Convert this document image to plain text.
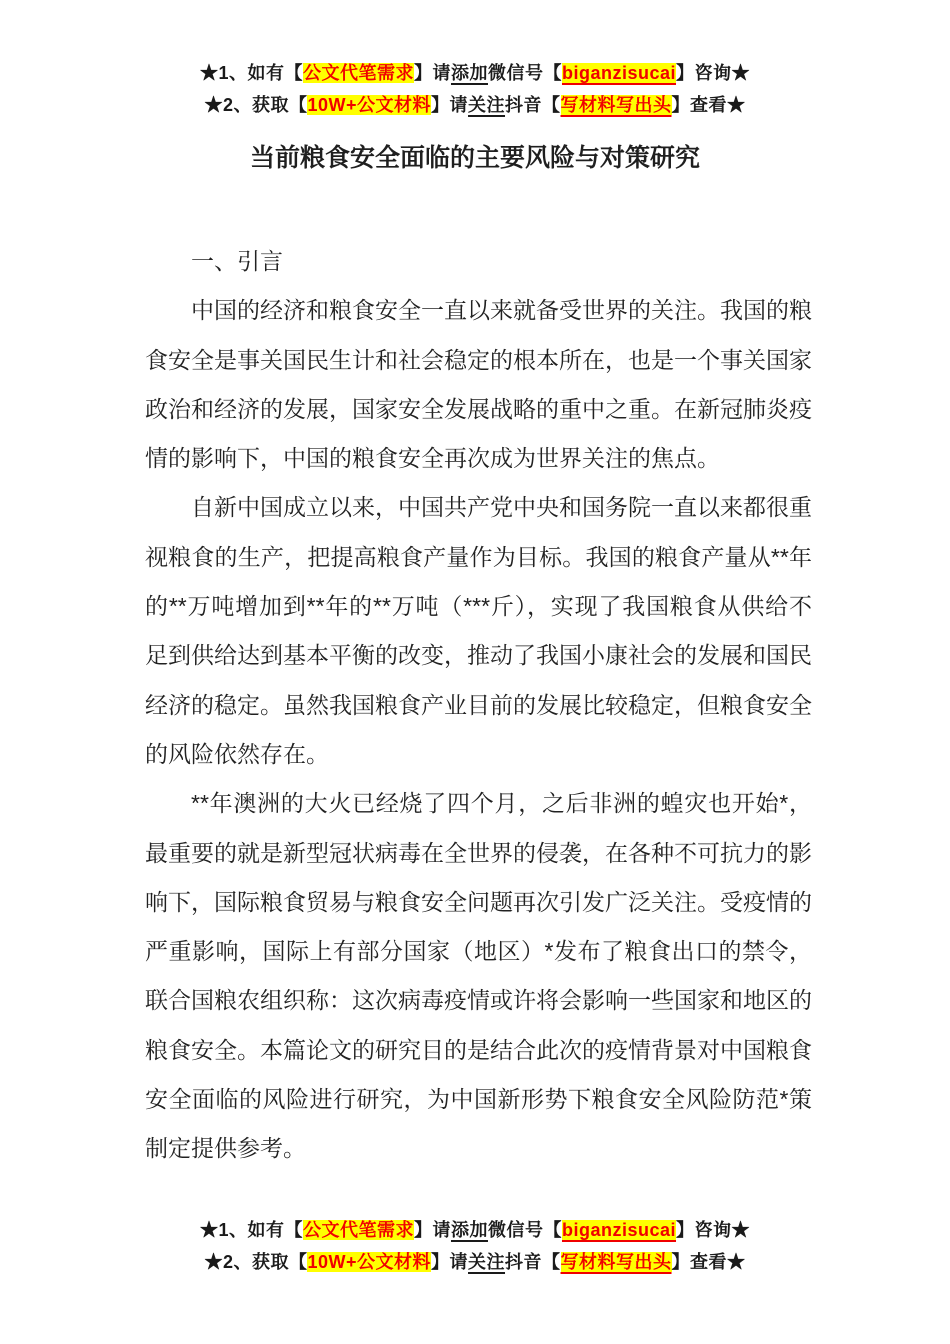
★1、如有【公文代笔需求】请添加微信号【biganzisucai】咨询★
★2、获取【10W+公文材料】请关注抖音【写材料写出头】查看★
当前粮食安全面临的主要风险与对策研究

一、引言

中国的经济和粮食安全一直以来就备受世界的关注。我国的粮食安全是事关国民生计和社会稳定的根本所在，也是一个事关国家政治和经济的发展，国家安全发展战略的重中之重。在新冠肺炎疫情的影响下，中国的粮食安全再次成为世界关注的焦点。

自新中国成立以来，中国共产党中央和国务院一直以来都很重视粮食的生产，把提高粮食产量作为目标。我国的粮食产量从**年的**万吨增加到**年的**万吨（***斤），实现了我国粮食从供给不足到供给达到基本平衡的改变，推动了我国小康社会的发展和国民经济的稳定。虽然我国粮食产业目前的发展比较稳定，但粮食安全的风险依然存在。

**年澳洲的大火已经烧了四个月，之后非洲的蝗灾也开始*，最重要的就是新型冠状病毒在全世界的侵袭，在各种不可抗力的影响下，国际粮食贸易与粮食安全问题再次引发广泛关注。受疫情的严重影响，国际上有部分国家（地区）*发布了粮食出口的禁令，联合国粮农组织称：这次病毒疫情或许将会影响一些国家和地区的粮食安全。本篇论文的研究目的是结合此次的疫情背景对中国粮食安全面临的风险进行研究，为中国新形势下粮食安全风险防范*策制定提供参考。

★1、如有【公文代笔需求】请添加微信号【biganzisucai】咨询★
★2、获取【10W+公文材料】请关注抖音【写材料写出头】查看★
